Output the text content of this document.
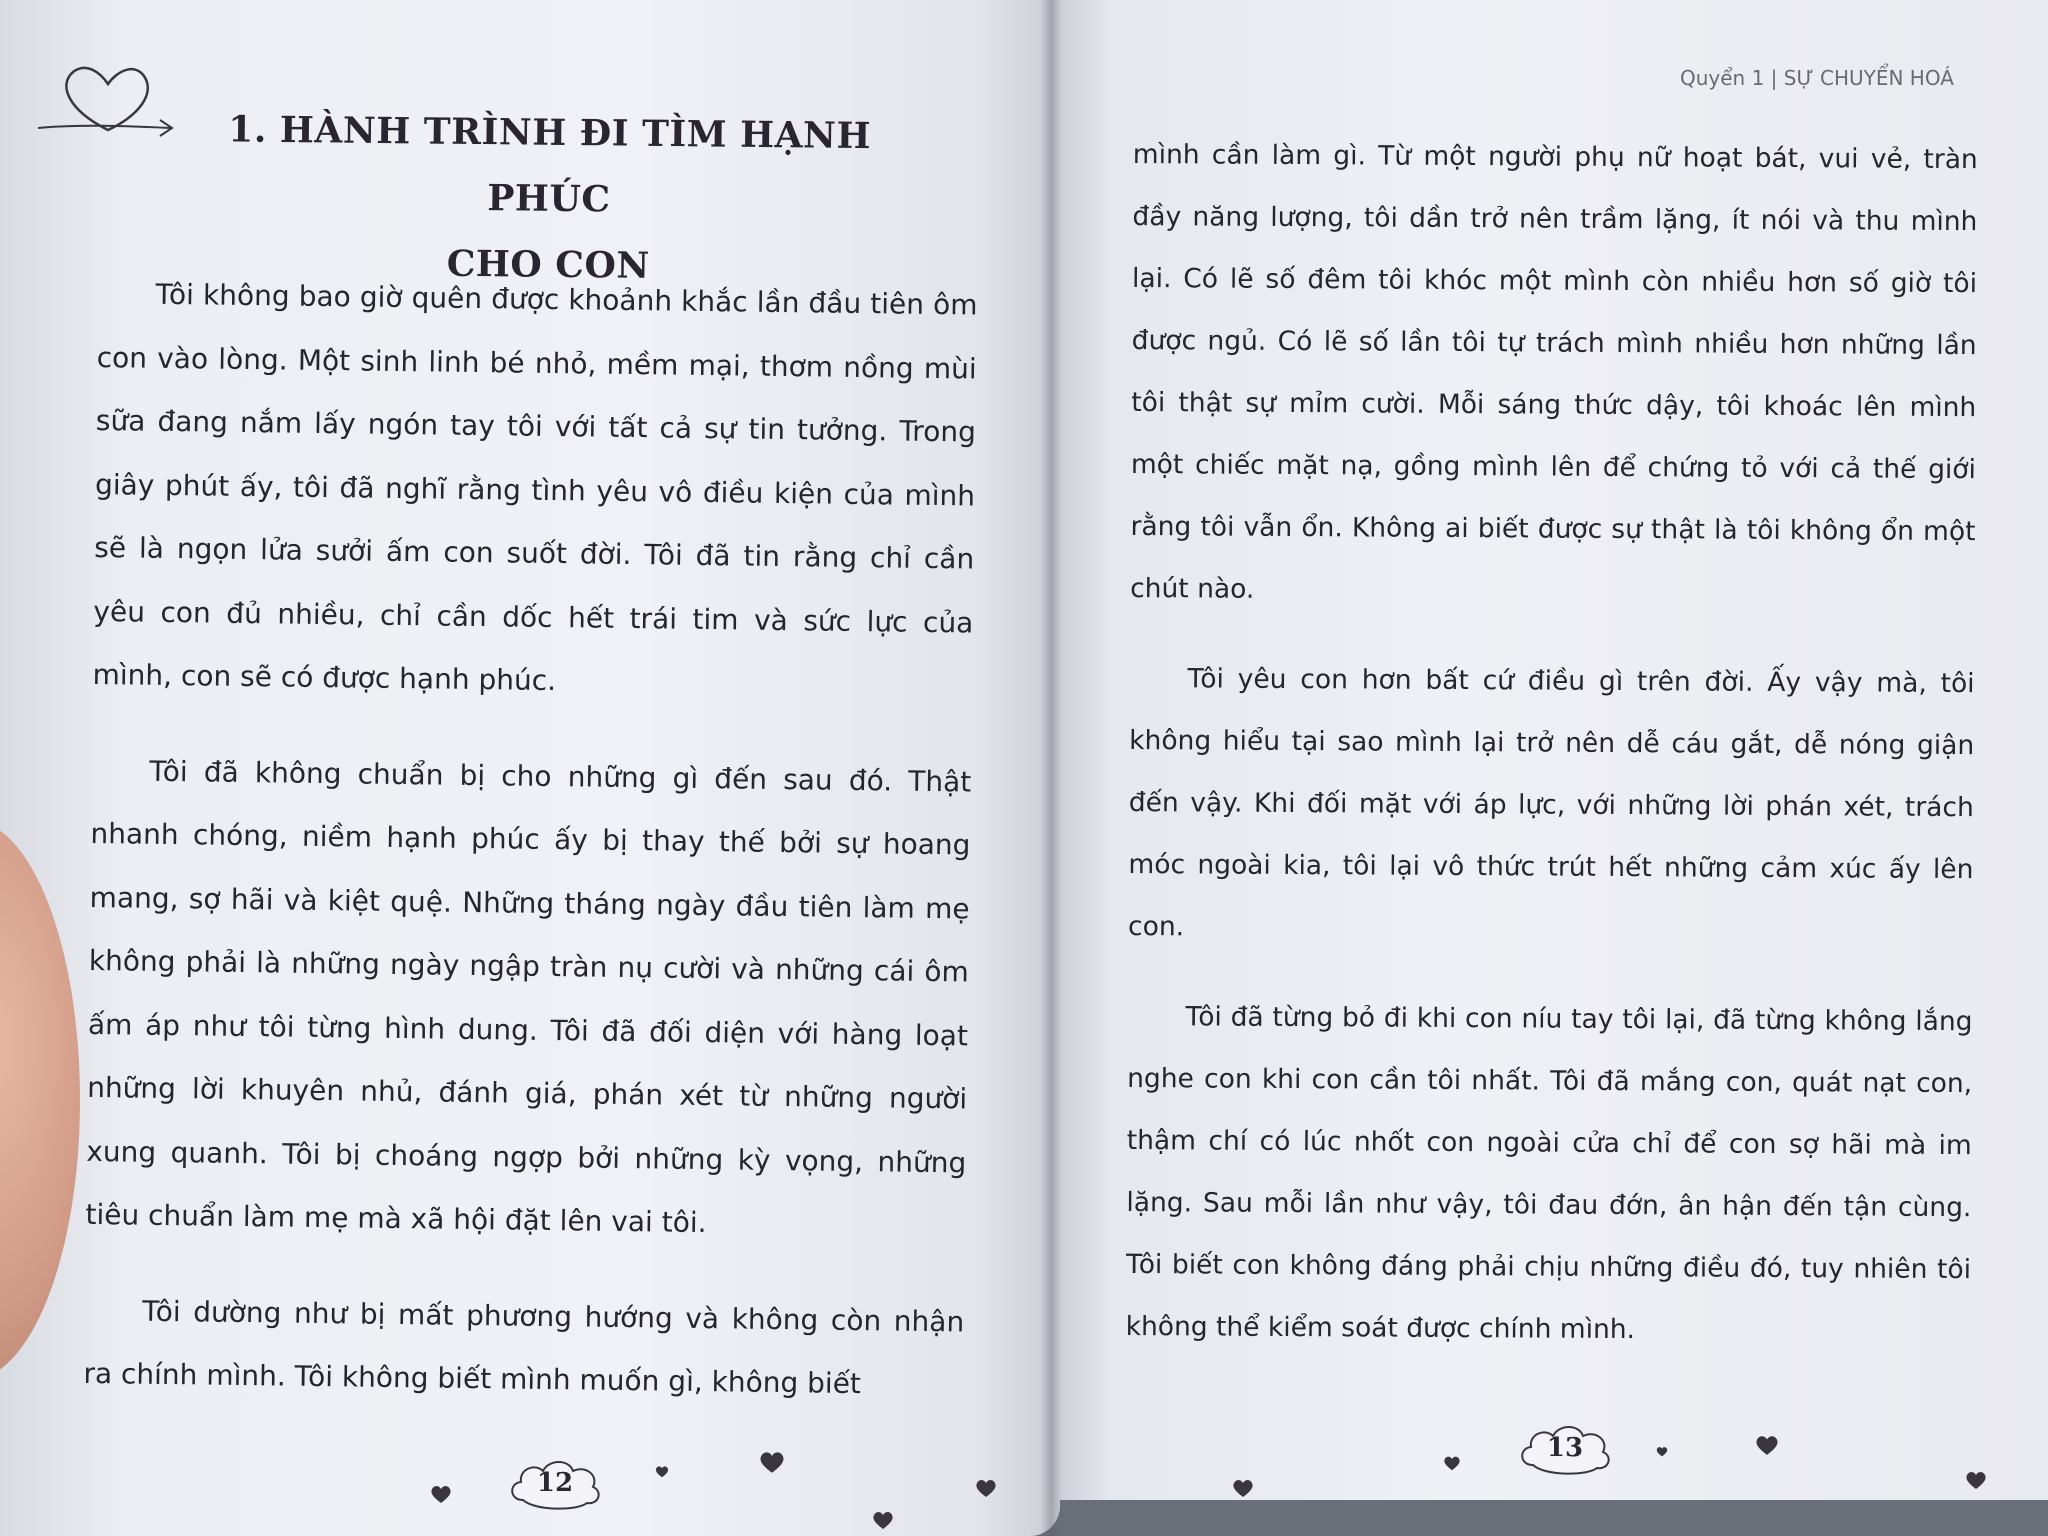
1. HÀNH TRÌNH ĐI TÌM HẠNH PHÚC
CHO CON

Tôi không bao giờ quên được khoảnh khắc lần đầu tiên ôm con vào lòng. Một sinh linh bé nhỏ, mềm mại, thơm nồng mùi sữa đang nắm lấy ngón tay tôi với tất cả sự tin tưởng. Trong giây phút ấy, tôi đã nghĩ rằng tình yêu vô điều kiện của mình sẽ là ngọn lửa sưởi ấm con suốt đời. Tôi đã tin rằng chỉ cần yêu con đủ nhiều, chỉ cần dốc hết trái tim và sức lực của mình, con sẽ có được hạnh phúc.

Tôi đã không chuẩn bị cho những gì đến sau đó. Thật nhanh chóng, niềm hạnh phúc ấy bị thay thế bởi sự hoang mang, sợ hãi và kiệt quệ. Những tháng ngày đầu tiên làm mẹ không phải là những ngày ngập tràn nụ cười và những cái ôm ấm áp như tôi từng hình dung. Tôi đã đối diện với hàng loạt những lời khuyên nhủ, đánh giá, phán xét từ những người xung quanh. Tôi bị choáng ngợp bởi những kỳ vọng, những tiêu chuẩn làm mẹ mà xã hội đặt lên vai tôi.

Tôi dường như bị mất phương hướng và không còn nhận ra chính mình. Tôi không biết mình muốn gì, không biết

Quyển 1 | SỰ CHUYỂN HOÁ

mình cần làm gì. Từ một người phụ nữ hoạt bát, vui vẻ, tràn đầy năng lượng, tôi dần trở nên trầm lặng, ít nói và thu mình lại. Có lẽ số đêm tôi khóc một mình còn nhiều hơn số giờ tôi được ngủ. Có lẽ số lần tôi tự trách mình nhiều hơn những lần tôi thật sự mỉm cười. Mỗi sáng thức dậy, tôi khoác lên mình một chiếc mặt nạ, gồng mình lên để chứng tỏ với cả thế giới rằng tôi vẫn ổn. Không ai biết được sự thật là tôi không ổn một chút nào.

Tôi yêu con hơn bất cứ điều gì trên đời. Ấy vậy mà, tôi không hiểu tại sao mình lại trở nên dễ cáu gắt, dễ nóng giận đến vậy. Khi đối mặt với áp lực, với những lời phán xét, trách móc ngoài kia, tôi lại vô thức trút hết những cảm xúc ấy lên con.

Tôi đã từng bỏ đi khi con níu tay tôi lại, đã từng không lắng nghe con khi con cần tôi nhất. Tôi đã mắng con, quát nạt con, thậm chí có lúc nhốt con ngoài cửa chỉ để con sợ hãi mà im lặng. Sau mỗi lần như vậy, tôi đau đớn, ân hận đến tận cùng. Tôi biết con không đáng phải chịu những điều đó, tuy nhiên tôi không thể kiểm soát được chính mình.

12
13
